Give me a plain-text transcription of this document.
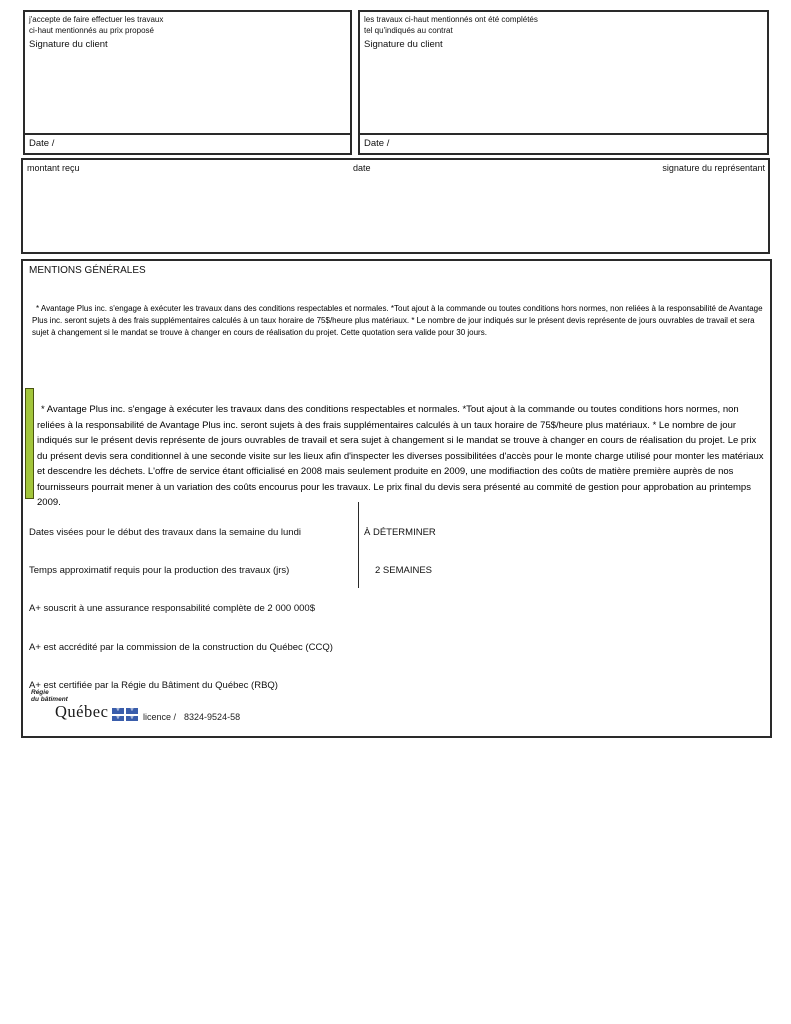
j'accepte de faire effectuer les travaux
ci-haut mentionnés au prix proposé
Signature du client
Date /
les travaux ci-haut mentionnés ont été complétés
tel qu'indiqués au contrat
Signature du client
Date /
montant reçu	date	signature du représentant
MENTIONS GÉNÉRALES
* Avantage Plus inc. s'engage à exécuter les travaux dans des conditions respectables et normales. *Tout ajout à la commande ou toutes conditions hors normes, non reliées à la responsabilité de Avantage Plus inc. seront sujets à des frais supplémentaires calculés à un taux horaire de 75$/heure plus matériaux. * Le nombre de jour indiqués sur le présent devis représente de jours ouvrables de travail et sera sujet à changement si le mandat se trouve à changer en cours de réalisation du projet. Cette quotation sera valide pour 30 jours.
* Avantage Plus inc. s'engage à exécuter les travaux dans des conditions respectables et normales. *Tout ajout à la commande ou toutes conditions hors normes, non reliées à la responsabilité de Avantage Plus inc. seront sujets à des frais supplémentaires calculés à un taux horaire de 75$/heure plus matériaux. * Le nombre de jour indiqués sur le présent devis représente de jours ouvrables de travail et sera sujet à changement si le mandat se trouve à changer en cours de réalisation du projet. Le prix du présent devis sera conditionnel à une seconde visite sur les lieux afin d'inspecter les diverses possibilitées d'accès pour le monte charge utilisé pour monter les matériaux et descendre les déchets. L'offre de service étant officialisé en 2008 mais seulement produite en 2009, une modifiaction des coûts de matière première auprès de nos fournisseurs pourrait mener à un variation des coûts encourus pour les travaux. Le prix final du devis sera présenté au commité de gestion pour approbation au printemps 2009.
Dates visées pour le début des travaux dans la semaine du lundi	À DÉTERMINER
Temps approximatif requis pour la production des travaux (jrs)	2 SEMAINES
A+ souscrit à une assurance responsabilité complète de 2 000 000$
A+ est accrédité par la commission de la construction du Québec (CCQ)
A+ est certifiée par la Régie du Bâtiment du Québec (RBQ)
Régie
du bâtiment
Québec
⚜ ⚜
⚜
⚜	licence / 8324-9524-58
